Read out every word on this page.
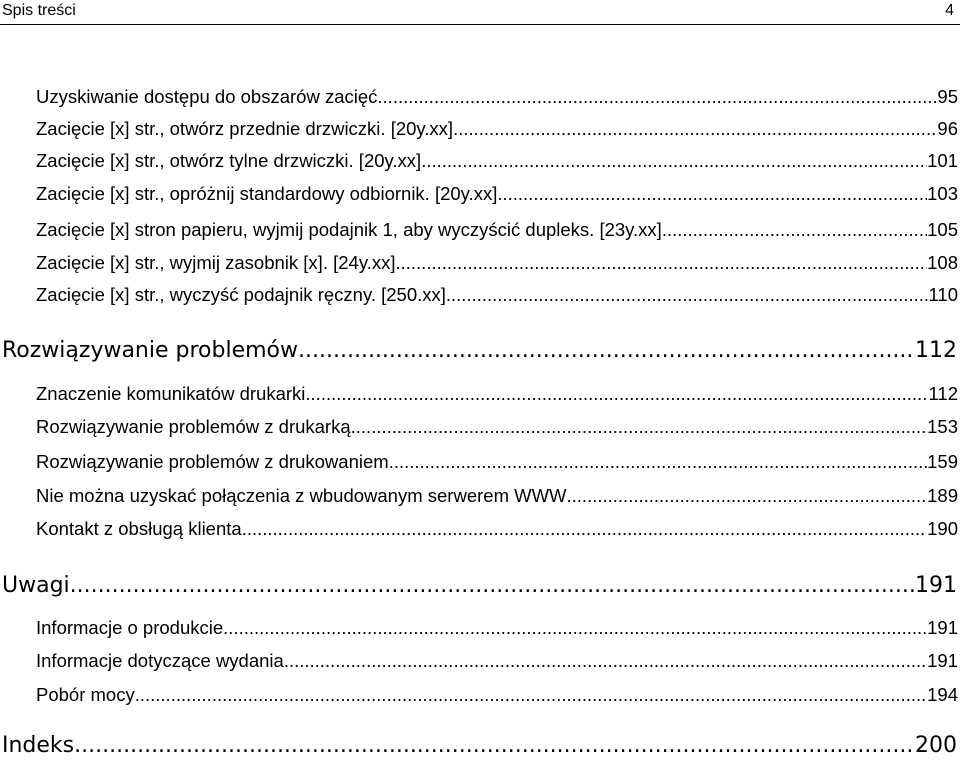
Spis treści	4
Uzyskiwanie dostępu do obszarów zacięć .....	95
Zacięcie [x] str., otwórz przednie drzwiczki. [20y.xx] .....	96
Zacięcie [x] str., otwórz tylne drzwiczki. [20y.xx] .....	101
Zacięcie [x] str., opróżnij standardowy odbiornik. [20y.xx] .....	103
Zacięcie [x] stron papieru, wyjmij podajnik 1, aby wyczyścić dupleks. [23y.xx] .....	105
Zacięcie [x] str., wyjmij zasobnik [x]. [24y.xx] .....	108
Zacięcie [x] str., wyczyść podajnik ręczny. [250.xx] .....	110
Rozwiązywanie problemów .....	112
Znaczenie komunikatów drukarki .....	112
Rozwiązywanie problemów z drukarką .....	153
Rozwiązywanie problemów z drukowaniem .....	159
Nie można uzyskać połączenia z wbudowanym serwerem WWW .....	189
Kontakt z obsługą klienta .....	190
Uwagi .....	191
Informacje o produkcie .....	191
Informacje dotyczące wydania .....	191
Pobór mocy .....	194
Indeks .....	200
